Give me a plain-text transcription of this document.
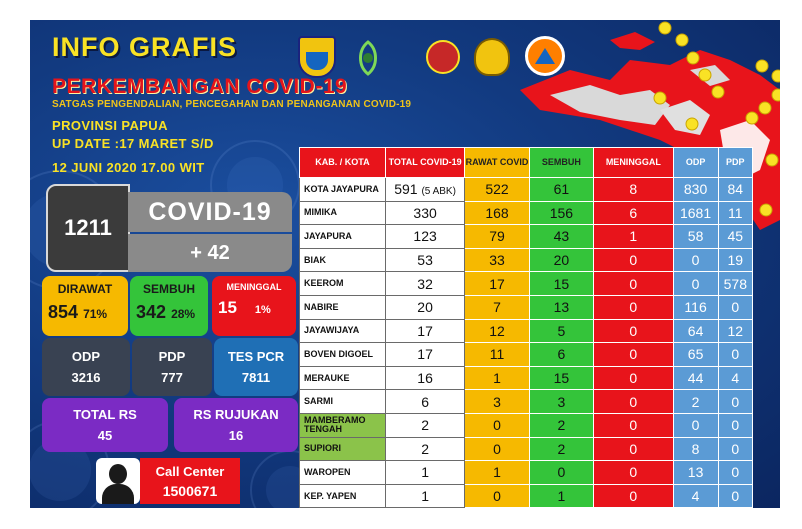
INFO GRAFIS
PERKEMBANGAN COVID-19
SATGAS PENGENDALIAN, PENCEGAHAN DAN PENANGANAN COVID-19
PROVINSI PAPUA
UP DATE :17 MARET S/D
12 JUNI 2020 17.00 WIT
1211
COVID-19
+ 42
DIRAWAT
854 71%
SEMBUH
342 28%
MENINGGAL
15 1%
ODP
3216
PDP
777
TES PCR
7811
TOTAL RS
45
RS RUJUKAN
16
Call Center
1500671
KAB. / KOTA	TOTAL COVID-19	RAWAT COVID	SEMBUH	MENINGGAL	ODP	PDP
KOTA JAYAPURA	591 (5 ABK)	522	61	8	830	84
MIMIKA	330	168	156	6	1681	11
JAYAPURA	123	79	43	1	58	45
BIAK	53	33	20	0	0	19
KEEROM	32	17	15	0	0	578
NABIRE	20	7	13	0	116	0
JAYAWIJAYA	17	12	5	0	64	12
BOVEN DIGOEL	17	11	6	0	65	0
MERAUKE	16	1	15	0	44	4
SARMI	6	3	3	0	2	0
MAMBERAMO TENGAH	2	0	2	0	0	0
SUPIORI	2	0	2	0	8	0
WAROPEN	1	1	0	0	13	0
KEP. YAPEN	1	0	1	0	4	0
